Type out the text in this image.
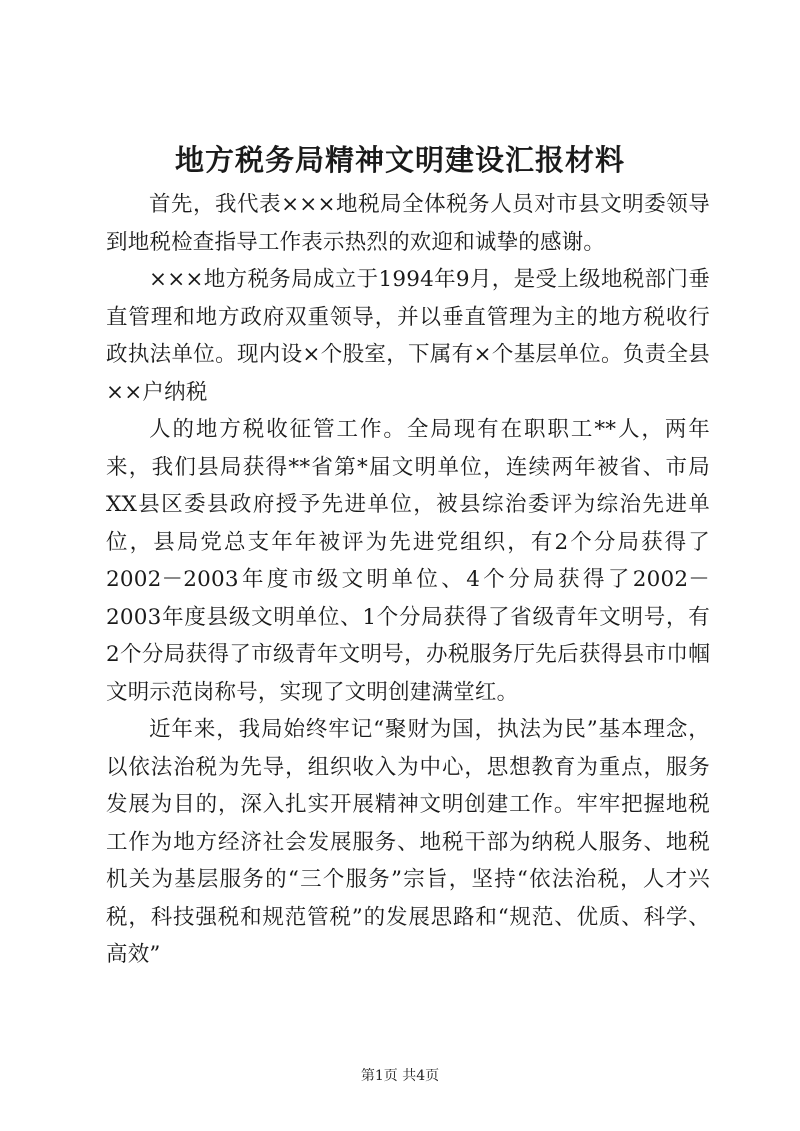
地方税务局精神文明建设汇报材料

首先，我代表×××地税局全体税务人员对市县文明委领导到地税检查指导工作表示热烈的欢迎和诚挚的感谢。

×××地方税务局成立于1994年9月，是受上级地税部门垂直管理和地方政府双重领导，并以垂直管理为主的地方税收行政执法单位。现内设×个股室，下属有×个基层单位。负责全县××户纳税

人的地方税收征管工作。全局现有在职职工**人，两年来，我们县局获得**省第*届文明单位，连续两年被省、市局XX县区委县政府授予先进单位，被县综治委评为综治先进单位，县局党总支年年被评为先进党组织，有2个分局获得了2002－2003年度市级文明单位、4个分局获得了2002－2003年度县级文明单位、1个分局获得了省级青年文明号，有2个分局获得了市级青年文明号，办税服务厅先后获得县市巾帼文明示范岗称号，实现了文明创建满堂红。

近年来，我局始终牢记“聚财为国，执法为民”基本理念，以依法治税为先导，组织收入为中心，思想教育为重点，服务发展为目的，深入扎实开展精神文明创建工作。牢牢把握地税工作为地方经济社会发展服务、地税干部为纳税人服务、地税机关为基层服务的“三个服务”宗旨，坚持“依法治税，人才兴税，科技强税和规范管税”的发展思路和“规范、优质、科学、高效”

第1页 共4页
